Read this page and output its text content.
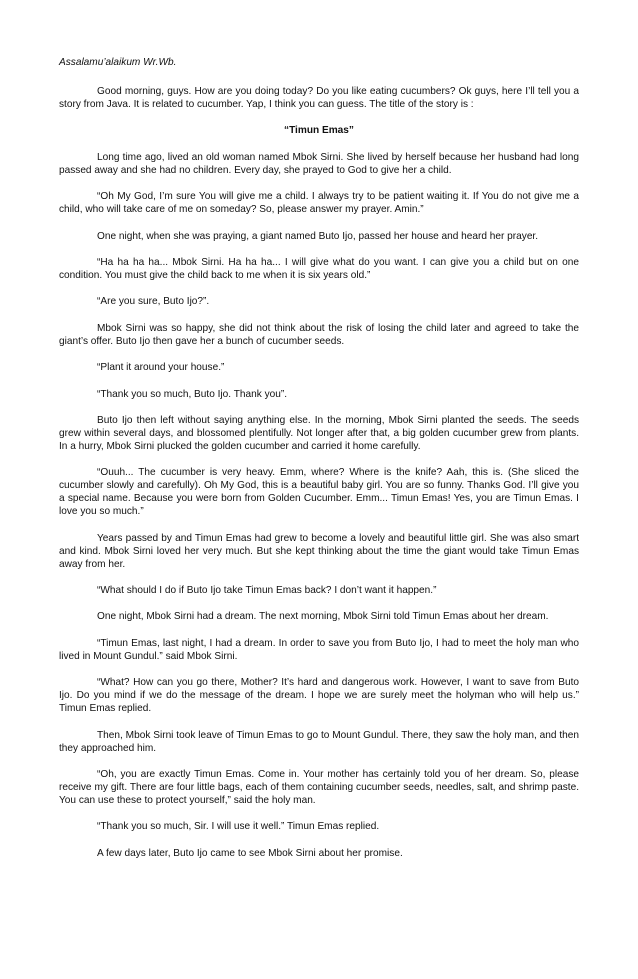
Assalamu’alaikum Wr.Wb.

Good morning, guys. How are you doing today? Do you like eating cucumbers? Ok guys, here I’ll tell you a story from Java. It is related to cucumber. Yap, I think you can guess. The title of the story is :

“Timun Emas”

Long time ago, lived an old woman named Mbok Sirni. She lived by herself because her husband had long passed away and she had no children. Every day, she prayed to God to give her a child.

“Oh My God, I’m sure You will give me a child. I always try to be patient waiting it. If You do not give me a child, who will take care of me on someday? So, please answer my prayer. Amin.”

One night, when she was praying, a giant named Buto Ijo, passed her house and heard her prayer.

“Ha ha ha ha... Mbok Sirni. Ha ha ha... I will give what do you want. I can give you a child but on one condition. You must give the child back to me when it is six years old.”

“Are you sure, Buto Ijo?”.

Mbok Sirni was so happy, she did not think about the risk of losing the child later and agreed to take the giant’s offer. Buto Ijo then gave her a bunch of cucumber seeds.

“Plant it around your house.”

“Thank you so much, Buto Ijo. Thank you”.

Buto Ijo then left without saying anything else. In the morning, Mbok Sirni planted the seeds. The seeds grew within several days, and blossomed plentifully. Not longer after that, a big golden cucumber grew from plants. In a hurry, Mbok Sirni plucked the golden cucumber and carried it home carefully.

“Ouuh... The cucumber is very heavy. Emm, where? Where is the knife? Aah, this is. (She sliced the cucumber slowly and carefully). Oh My God, this is a beautiful baby girl. You are so funny. Thanks God. I’ll give you a special name. Because you were born from Golden Cucumber. Emm... Timun Emas! Yes, you are Timun Emas. I love you so much.”

Years passed by and Timun Emas had grew to become a lovely and beautiful little girl. She was also smart and kind. Mbok Sirni loved her very much. But she kept thinking about the time the giant would take Timun Emas away from her.

“What should I do if Buto Ijo take Timun Emas back? I don’t want it happen.”

One night, Mbok Sirni had a dream. The next morning, Mbok Sirni told Timun Emas about her dream.

“Timun Emas, last night, I had a dream. In order to save you from Buto Ijo, I had to meet the holy man who lived in Mount Gundul.” said Mbok Sirni.

“What? How can you go there, Mother? It’s hard and dangerous work. However, I want to save from Buto Ijo. Do you mind if we do the message of the dream. I hope we are surely meet the holyman who will help us.” Timun Emas replied.

Then, Mbok Sirni took leave of Timun Emas to go to Mount Gundul. There, they saw the holy man, and then they approached him.

“Oh, you are exactly Timun Emas. Come in. Your mother has certainly told you of her dream. So, please receive my gift. There are four little bags, each of them containing cucumber seeds, needles, salt, and shrimp paste. You can use these to protect yourself,” said the holy man.

“Thank you so much, Sir. I will use it well.” Timun Emas replied.

A few days later, Buto Ijo came to see Mbok Sirni about her promise.
